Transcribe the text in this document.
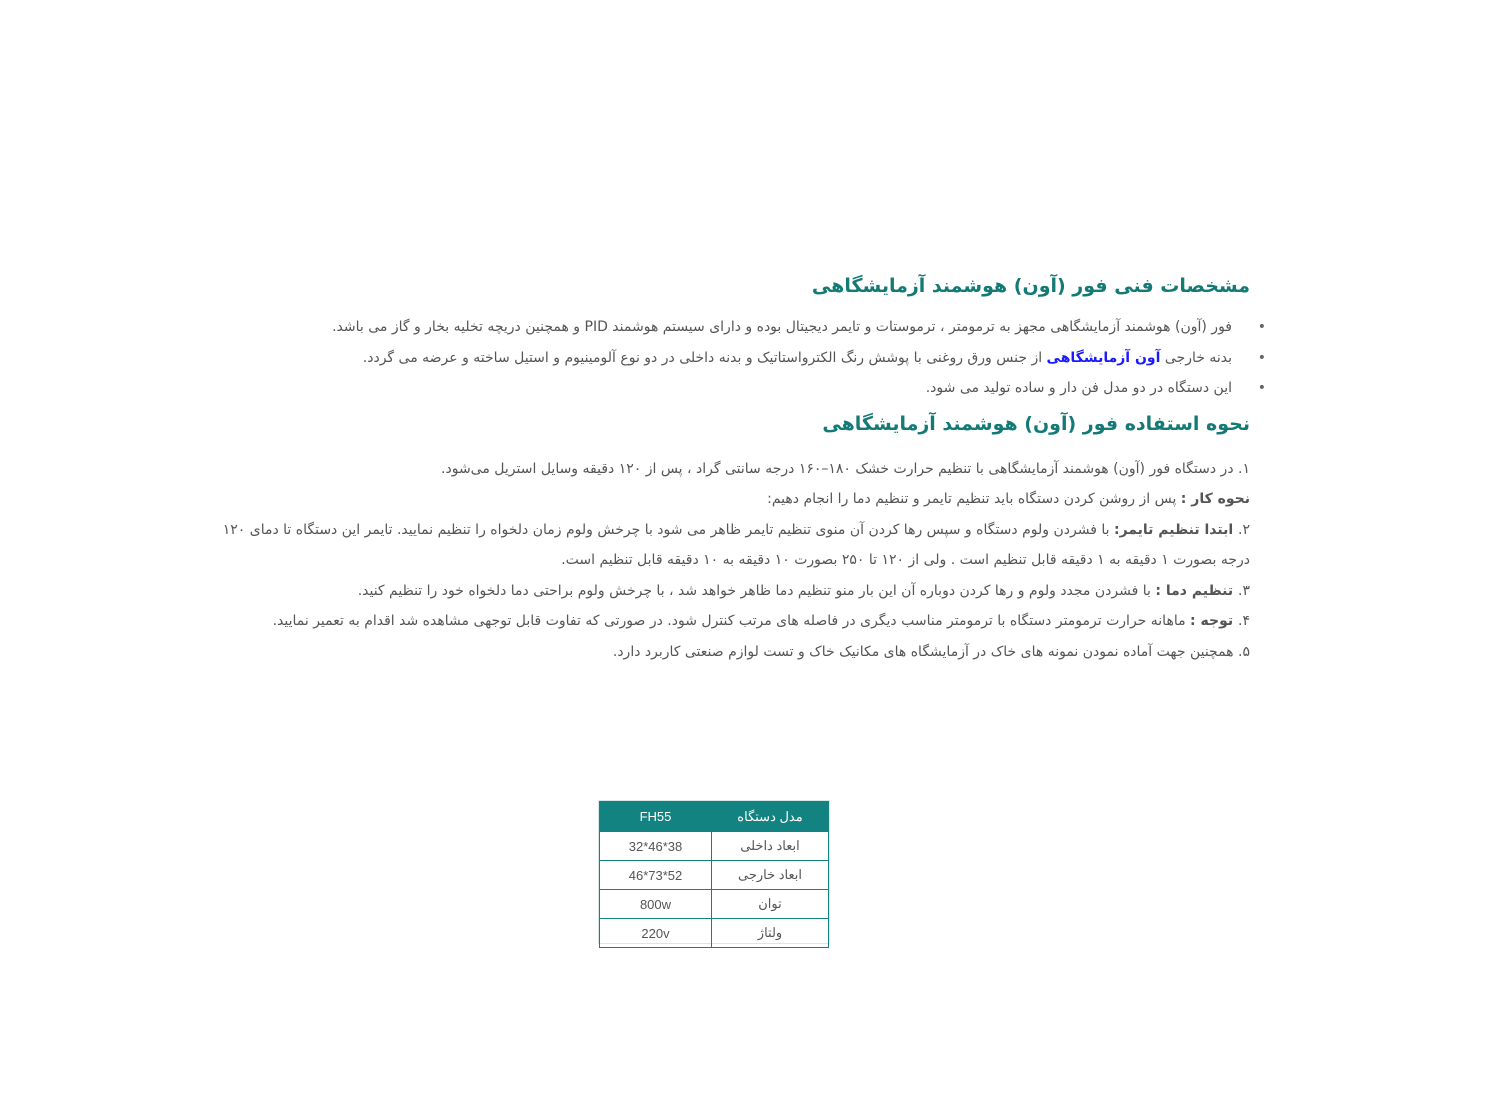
مشخصات فنی فور (آون) هوشمند آزمایشگاهی
•
فور (آون) هوشمند آزمایشگاهی مجهز به ترمومتر ، ترموستات و تایمر دیجیتال بوده و دارای سیستم هوشمند PID و همچنین دریچه تخلیه بخار و گاز می باشد.
•
بدنه خارجی آون آزمایشگاهی از جنس ورق روغنی با پوشش رنگ الکترواستاتیک و بدنه داخلی در دو نوع آلومینیوم و استیل ساخته و عرضه می گردد.
•
این دستگاه در دو مدل فن دار و ساده تولید می شود.
نحوه استفاده فور (آون) هوشمند آزمایشگاهی
۱. در دستگاه فور (آون) هوشمند آزمایشگاهی با تنظیم حرارت خشک ۱۸۰–۱۶۰ درجه سانتی گراد ، پس از ۱۲۰ دقیقه وسایل استریل می‌شود.
نحوه کار : پس از روشن کردن دستگاه باید تنظیم تایمر و تنظیم دما را انجام دهیم:
۲. ابتدا تنظیم تایمر: با فشردن ولوم دستگاه و سپس رها کردن آن منوی تنظیم تایمر ظاهر می شود با چرخش ولوم زمان دلخواه را تنظیم نمایید. تایمر این دستگاه تا دمای ۱۲۰ درجه بصورت ۱ دقیقه به ۱ دقیقه قابل تنظیم است . ولی از ۱۲۰ تا ۲۵۰ بصورت ۱۰ دقیقه به ۱۰ دقیقه قابل تنظیم است.
۳. تنظیم دما : با فشردن مجدد ولوم و رها کردن دوباره آن این بار منو تنظیم دما ظاهر خواهد شد ، با چرخش ولوم براحتی دما دلخواه خود را تنظیم کنید.
۴. توجه : ماهانه حرارت ترمومتر دستگاه با ترمومتر مناسب دیگری در فاصله های مرتب کنترل شود. در صورتی که تفاوت قابل توجهی مشاهده شد اقدام به تعمیر نمایید.
۵. همچنین جهت آماده نمودن نمونه های خاک در آزمایشگاه های مکانیک خاک و تست لوازم صنعتی کاربرد دارد.
مدل دستگاه	FH55
ابعاد داخلی	38*46*32
ابعاد خارجی	52*73*46
توان	800w
ولتاژ	220v
